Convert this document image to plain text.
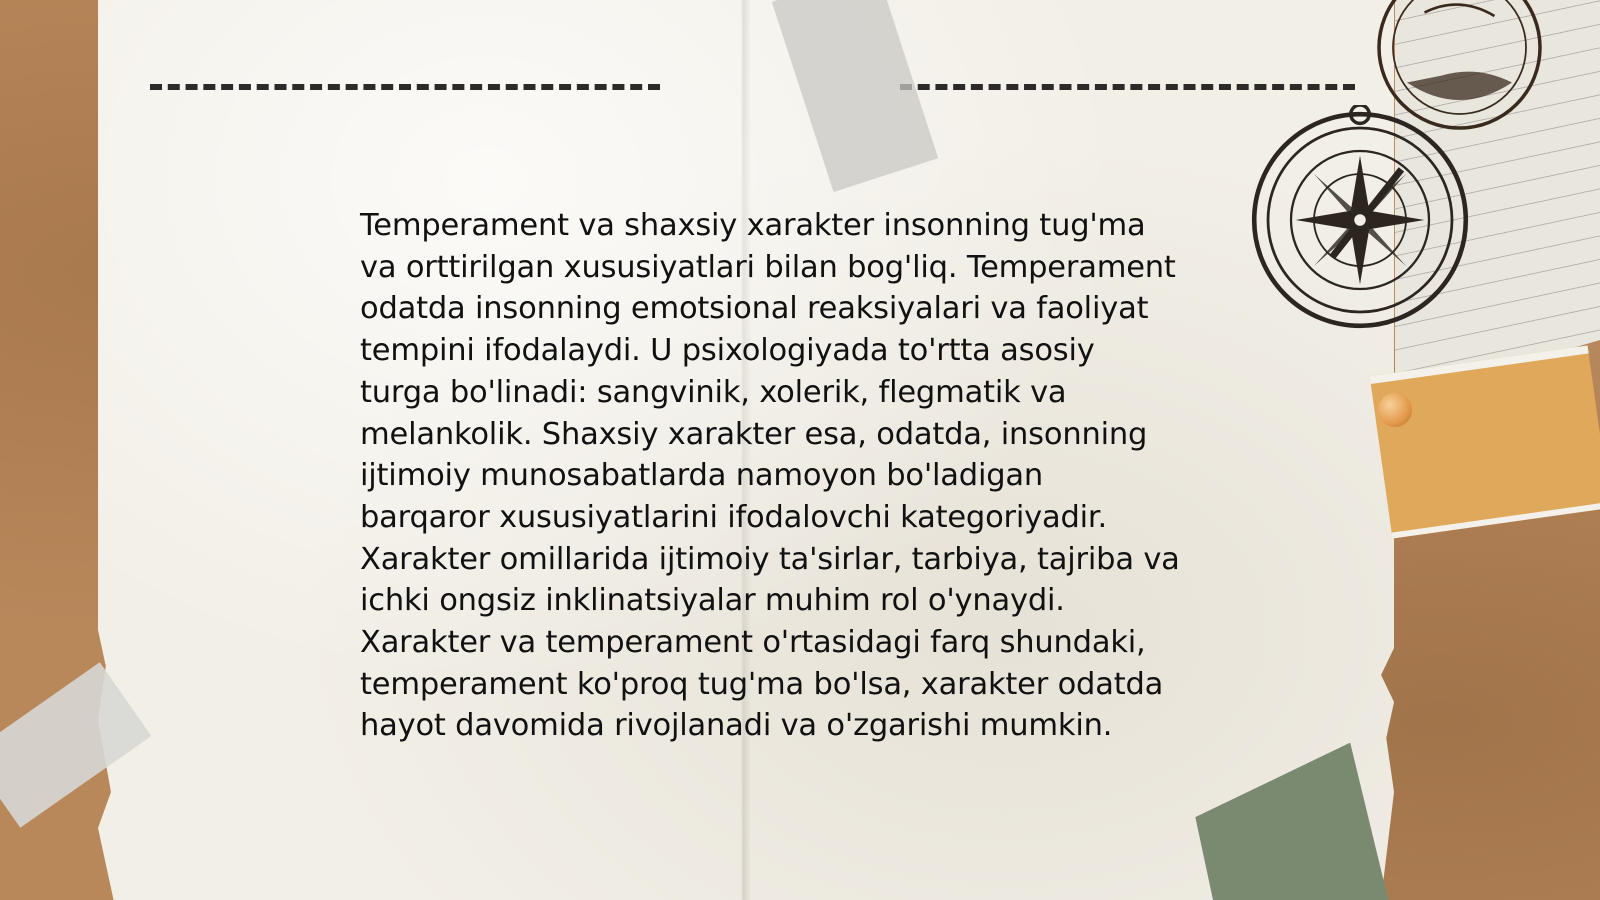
Temperament va shaxsiy xarakter insonning tug'ma
va orttirilgan xususiyatlari bilan bog'liq. Temperament
odatda insonning emotsional reaksiyalari va faoliyat
tempini ifodalaydi. U psixologiyada to'rtta asosiy
turga bo'linadi: sangvinik, xolerik, flegmatik va
melankolik. Shaxsiy xarakter esa, odatda, insonning
ijtimoiy munosabatlarda namoyon bo'ladigan
barqaror xususiyatlarini ifodalovchi kategoriyadir.
Xarakter omillarida ijtimoiy ta'sirlar, tarbiya, tajriba va
ichki ongsiz inklinatsiyalar muhim rol o'ynaydi.
Xarakter va temperament o'rtasidagi farq shundaki,
temperament ko'proq tug'ma bo'lsa, xarakter odatda
hayot davomida rivojlanadi va o'zgarishi mumkin.
